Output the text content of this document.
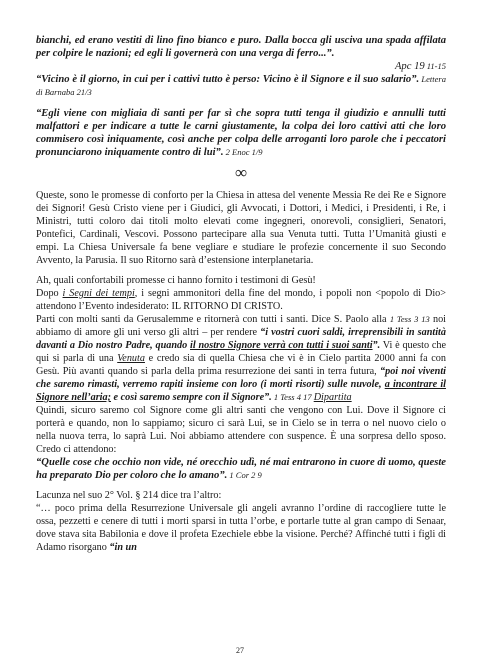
bianchi, ed erano vestiti di lino fino bianco e puro. Dalla bocca gli usciva una spada affilata per colpire le nazioni; ed egli li governerà con una verga di ferro...”.

Apc 19 11-15

“Vicino è il giorno, in cui per i cattivi tutto è perso: Vicino è il Signore e il suo salario”. Lettera di Barnaba 21/3

“Egli viene con migliaia di santi per far sì che sopra tutti tenga il giudizio e annulli tutti malfattori e per indicare a tutte le carni giustamente, la colpa dei loro cattivi atti che loro commisero così iniquamente, così anche per colpa delle arroganti loro parole che i peccatori pronunciarono iniquamente contro di lui”. 2 Enoc 1/9

∞

Queste, sono le promesse di conforto per la Chiesa in attesa del venente Messia Re dei Re e Signore dei Signori! Gesù Cristo viene per i Giudici, gli Avvocati, i Dottori, i Medici, i Presidenti, i Re, i Ministri, tutti coloro dai titoli molto elevati come ingegneri, onorevoli, consiglieri, Senatori, Pontefici, Cardinali, Vescovi. Possono partecipare alla sua Venuta tutti. Tutta l’Umanità giusti e empi. La Chiesa Universale fa bene vegliare e studiare le profezie concernente il suo Secondo Avvento, la Parusia. Il suo Ritorno sarà d’estensione interplanetaria.

Ah, quali confortabili promesse ci hanno fornito i testimoni di Gesù!

Dopo i Segni dei tempi, i segni ammonitori della fine del mondo, i popoli non <popolo di Dio> attendono l’Evento indesiderato: IL RITORNO DI CRISTO.

Parti con molti santi da Gerusalemme e ritornerà con tutti i santi. Dice S. Paolo alla 1 Tess 3 13 noi abbiamo di amore gli uni verso gli altri – per rendere “i vostri cuori saldi, irreprensibili in santità davanti a Dio nostro Padre, quando il nostro Signore verrà con tutti i suoi santi”. Vi è questo che qui si parla di una Venuta e credo sia di quella Chiesa che vi è in Cielo partita 2000 anni fa con Gesù. Più avanti quando si parla della prima resurrezione dei santi in terra futura, “poi noi viventi che saremo rimasti, verremo rapiti insieme con loro (i morti risorti) sulle nuvole, a incontrare il Signore nell’aria; e così saremo sempre con il Signore”. 1 Tess 4 17 Dipartita

Quindi, sicuro saremo col Signore come gli altri santi che vengono con Lui. Dove il Signore ci porterà e quando, non lo sappiamo; sicuro ci sarà Lui, se in Cielo se in terra o nel nuovo cielo o nella nuova terra, lo saprà Lui. Noi abbiamo attendere con suspence. È una sorpresa dello sposo. Credo ci attendono:

“Quelle cose che occhio non vide, né orecchio udì, né mai entrarono in cuore di uomo, queste ha preparato Dio per coloro che lo amano”. 1 Cor 2 9

Lacunza nel suo 2° Vol. § 214 dice tra l’altro:

“… poco prima della Resurrezione Universale gli angeli avranno l’ordine di raccogliere tutte le ossa, pezzetti e cenere di tutti i morti sparsi in tutta l’orbe, e portarle tutte al gran campo di Senaar, dove stava sita Babilonia e dove il profeta Ezechiele ebbe la visione. Perché? Affinché tutti i figli di Adamo risorgano “in un

27
